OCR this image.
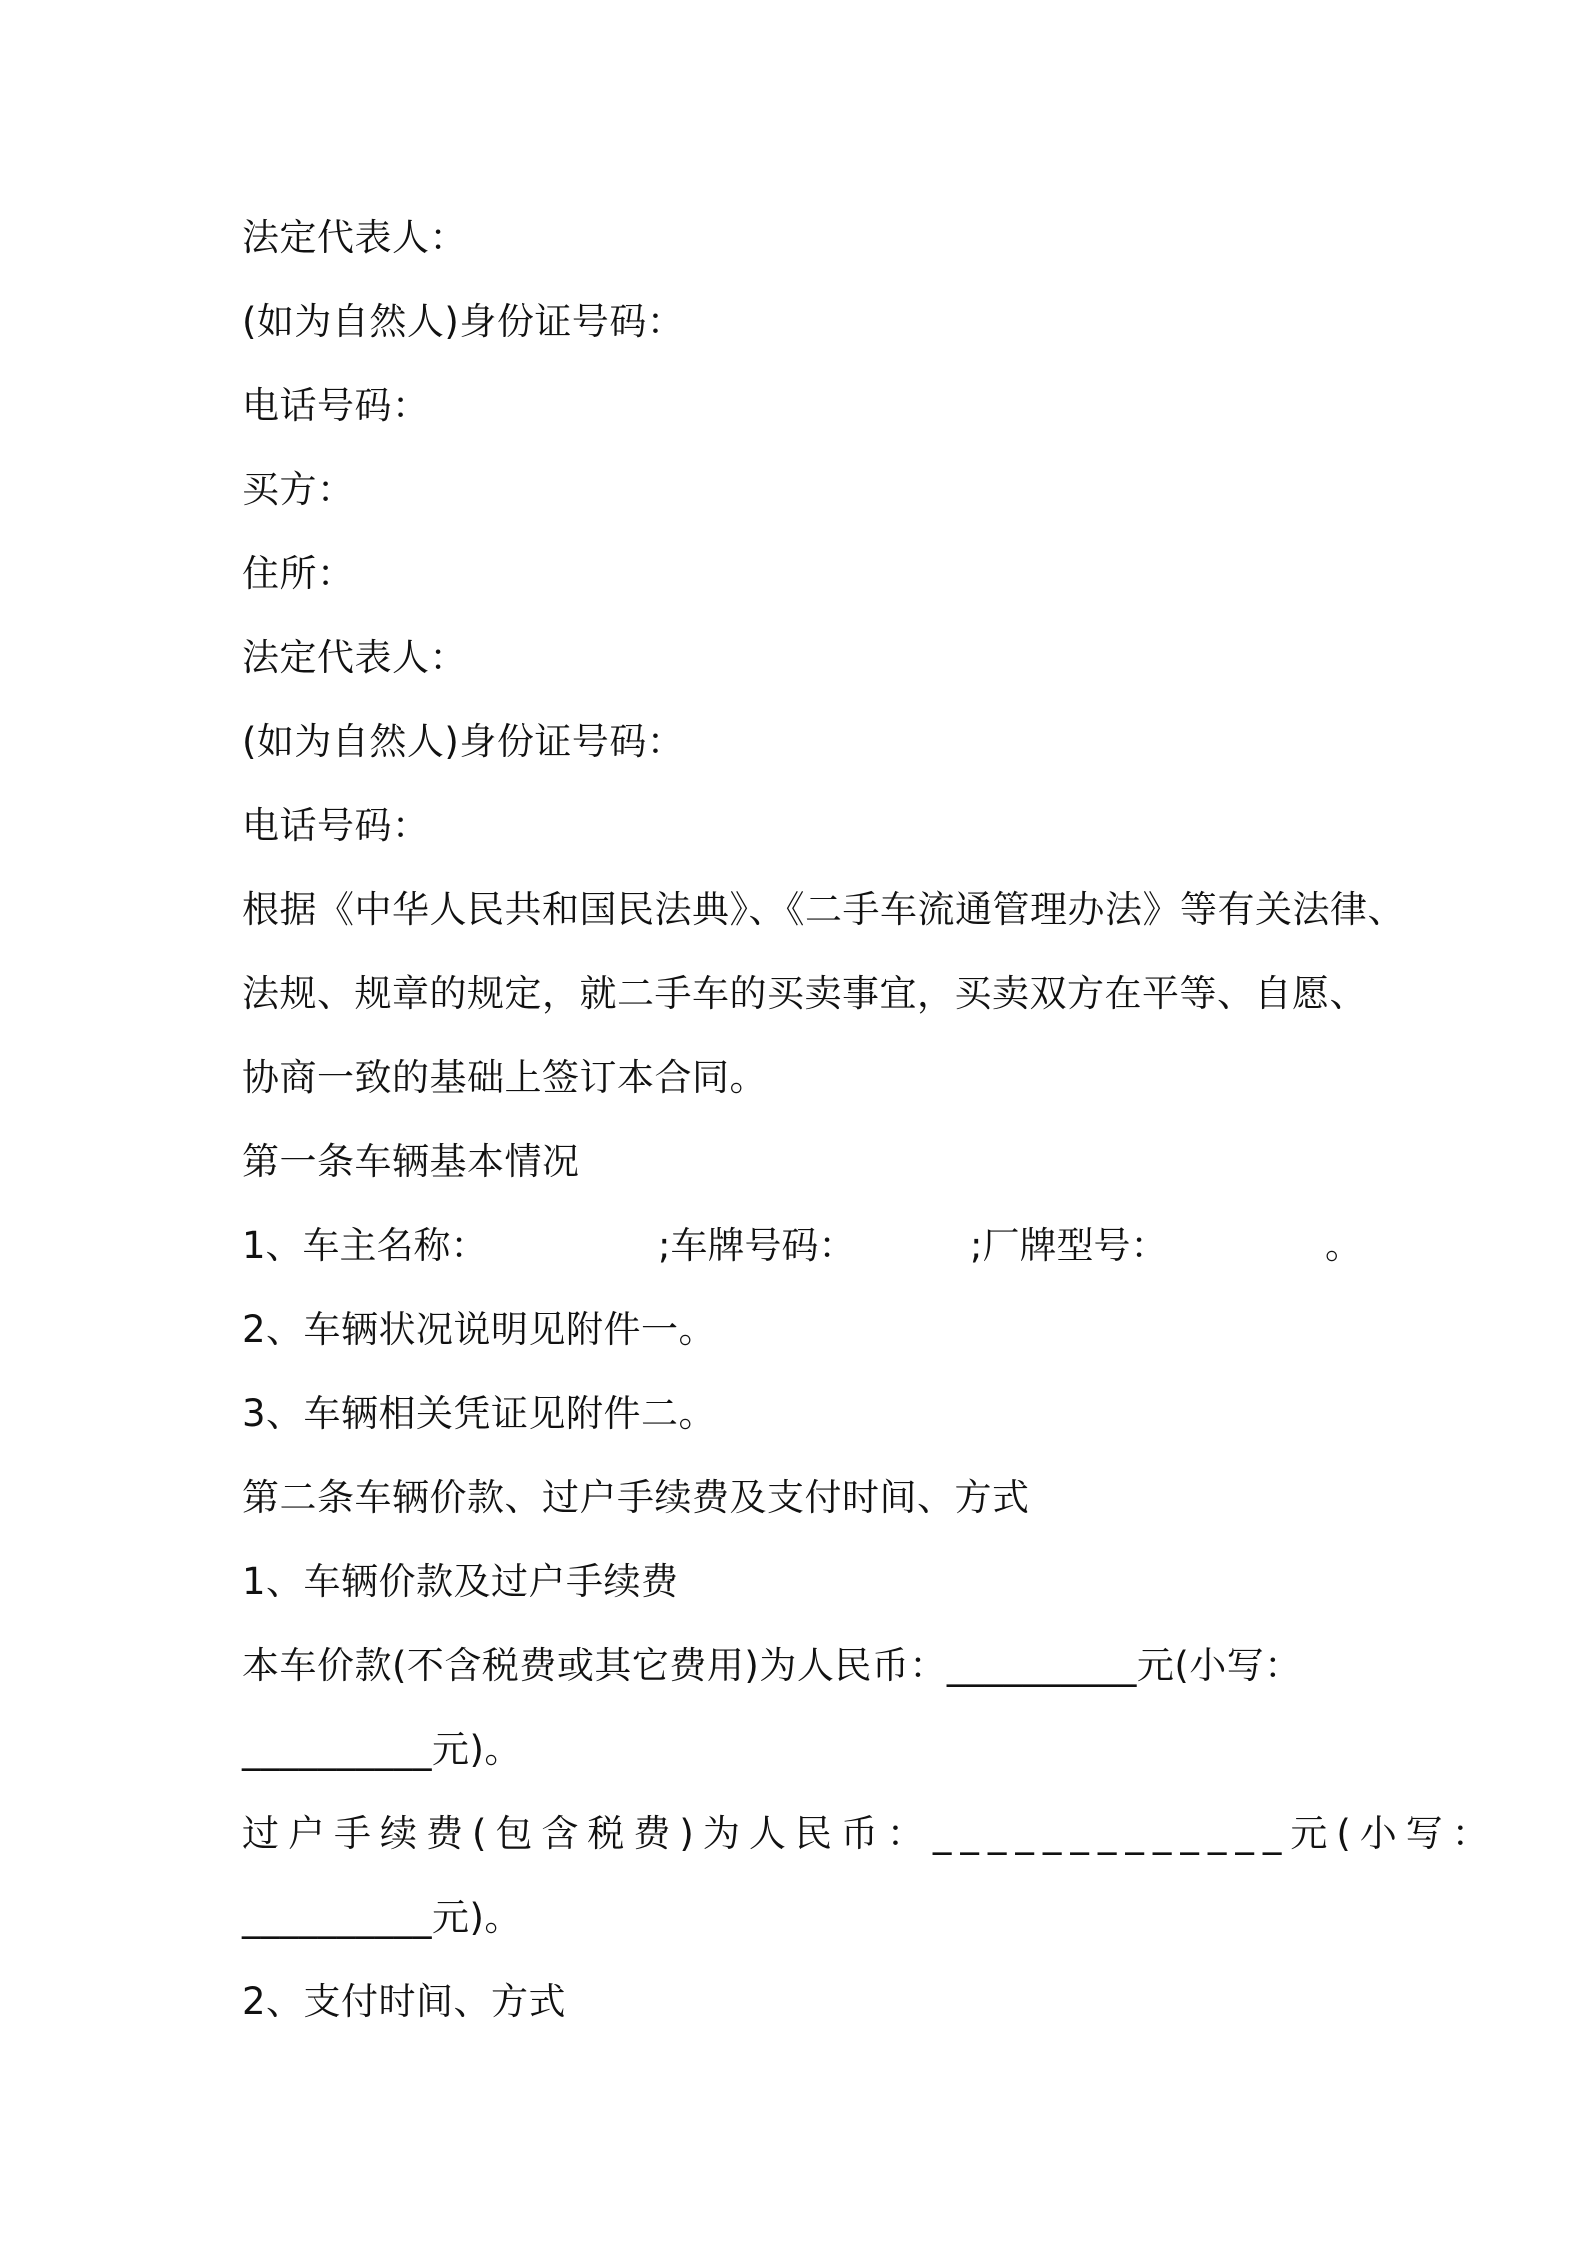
法定代表人：
(如为自然人)身份证号码：
电话号码：
买方：
住所：
法定代表人：
(如为自然人)身份证号码：
电话号码：
根据《中华人民共和国民法典》、《二手车流通管理办法》等有关法律、
法规、规章的规定，就二手车的买卖事宜，买卖双方在平等、自愿、
协商一致的基础上签订本合同。
第一条车辆基本情况
1、车主名称：	;车牌号码：	;厂牌型号：	。
2、车辆状况说明见附件一。
3、车辆相关凭证见附件二。
第二条车辆价款、过户手续费及支付时间、方式
1、车辆价款及过户手续费
本车价款(不含税费或其它费用)为人民币：__________元(小写：
__________元)。
过户手续费(包含税费)为人民币：_____________元(小写：
__________元)。
2、支付时间、方式
